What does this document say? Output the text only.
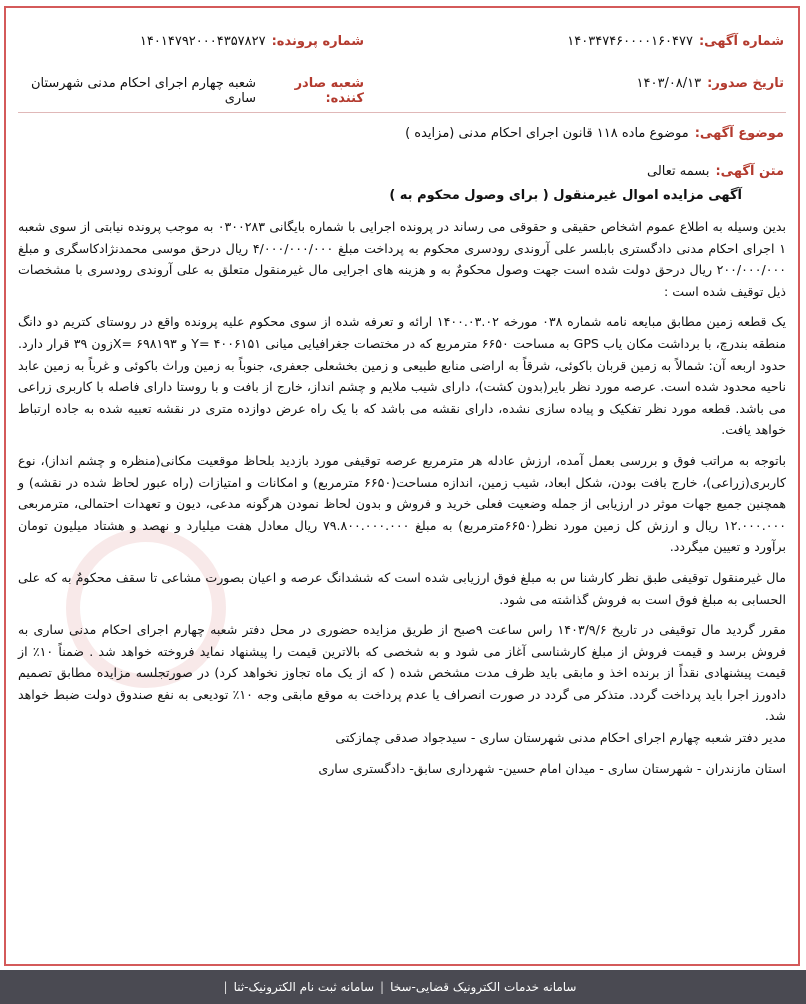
شماره آگهی:
۱۴۰۳۴۷۴۶۰۰۰۰۱۶۰۴۷۷
شماره پرونده:
۱۴۰۱۴۷۹۲۰۰۰۴۳۵۷۸۲۷
تاریخ صدور:
۱۴۰۳/۰۸/۱۳
شعبه صادر کننده:
شعبه چهارم اجرای احکام مدنی شهرستان ساری
موضوع آگهی:
موضوع ماده ۱۱۸ قانون اجرای احکام مدنی (مزایده )
متن آگهی:
بسمه تعالی
آگهی مزایده اموال غیرمنقول ( برای وصول محکوم به )

بدین وسیله به اطلاع عموم اشخاص حقیقی و حقوقی می رساند در پرونده اجرایی با شماره بایگانی ۰۳۰۰۲۸۳ به موجب پرونده نیابتی از سوی شعبه ۱ اجرای احکام مدنی دادگستری بابلسر علی آروندی رودسری محکوم به پرداخت مبلغ ۴/۰۰۰/۰۰۰/۰۰۰ ریال درحق موسی محمدنژادکاسگری و مبلغ ۲۰۰/۰۰۰/۰۰۰ ریال درحق دولت شده است جهت وصول محکومٌ به و هزینه های اجرایی مال غیرمنقول متعلق به علی آروندی رودسری با مشخصات ذیل توقیف شده است :

یک قطعه زمین مطابق مبایعه نامه شماره ۰۳۸ مورخه ۱۴۰۰.۰۳.۰۲ ارائه و تعرفه شده از سوی محکوم علیه پرونده واقع در روستای کتریم دو دانگ منطقه بندرچ، با برداشت مکان یاب GPS به مساحت ۶۶۵۰ مترمربع که در مختصات جغرافیایی میانی ۴۰۰۶۱۵۱ =Y و ۶۹۸۱۹۳ =Xزون ۳۹ قرار دارد. حدود اربعه آن: شمالاً به زمین قربان باکوئی، شرقاً به اراضی منابع طبیعی و زمین بخشعلی جعفری، جنوباً به زمین وراث باکوئی و غرباً به زمین عابد ناحیه محدود شده است. عرصه مورد نظر بایر(بدون کشت)، دارای شیب ملایم و چشم انداز، خارج از بافت و با روستا دارای فاصله با کاربری زراعی می باشد. قطعه مورد نظر تفکیک و پیاده سازی نشده، دارای نقشه می باشد که با یک راه عرض دوازده متری در نقشه تعبیه شده به جاده ارتباط خواهد یافت.

باتوجه به مراتب فوق و بررسی بعمل آمده، ارزش عادله هر مترمربع عرصه توقیفی مورد بازدید بلحاظ موقعیت مکانی(منظره و چشم انداز)، نوع کاربری(زراعی)، خارج بافت بودن، شکل ابعاد، شیب زمین، اندازه مساحت(۶۶۵۰ مترمربع) و امکانات و امتیازات (راه عبور لحاظ شده در نقشه) و همچنین جمیع جهات موثر در ارزیابی از جمله وضعیت فعلی خرید و فروش و بدون لحاظ نمودن هرگونه مدعی، دیون و تعهدات احتمالی، مترمربعی ۱۲.۰۰۰.۰۰۰ ریال و ارزش کل زمین مورد نظر(۶۶۵۰مترمربع) به مبلغ ۷۹.۸۰۰.۰۰۰.۰۰۰ ریال معادل هفت میلیارد و نهصد و هشتاد میلیون تومان برآورد و تعیین میگردد.

مال غیرمنقول توقیفی طبق نظر کارشنا س به مبلغ فوق ارزیابی شده است که ششدانگ عرصه و اعیان بصورت مشاعی تا سقف محکومٌ به که علی الحسابی به مبلغ فوق است به فروش گذاشته می شود.

مقرر گردید مال توقیفی در تاریخ ۱۴۰۳/۹/۶ راس ساعت ۹صبح از طریق مزایده حضوری در محل دفتر شعبه چهارم اجرای احکام مدنی ساری به فروش برسد و قیمت فروش از مبلغ کارشناسی آغاز می شود و به شخصی که بالاترین قیمت را پیشنهاد نماید فروخته خواهد شد . ضمناً ۱۰٪ از قیمت پیشنهادی نقداً از برنده اخذ و مابقی باید ظرف مدت مشخص شده ( که از یک ماه تجاوز نخواهد کرد) در صورتجلسه مزایده مطابق تصمیم دادورز اجرا باید پرداخت گردد. متذکر می گردد در صورت انصراف یا عدم پرداخت به موقع مابقی وجه ۱۰٪ تودیعی به نفع صندوق دولت ضبط خواهد شد.

مدیر دفتر شعبه چهارم اجرای احکام مدنی شهرستان ساری - سیدجواد صدقی چمازکتی

استان مازندران - شهرستان ساری - میدان امام حسین- شهرداری سابق- دادگستری ساری

سامانه خدمات الکترونیک قضایی-سخا
|
سامانه ثبت نام الکترونیک-ثنا
|
